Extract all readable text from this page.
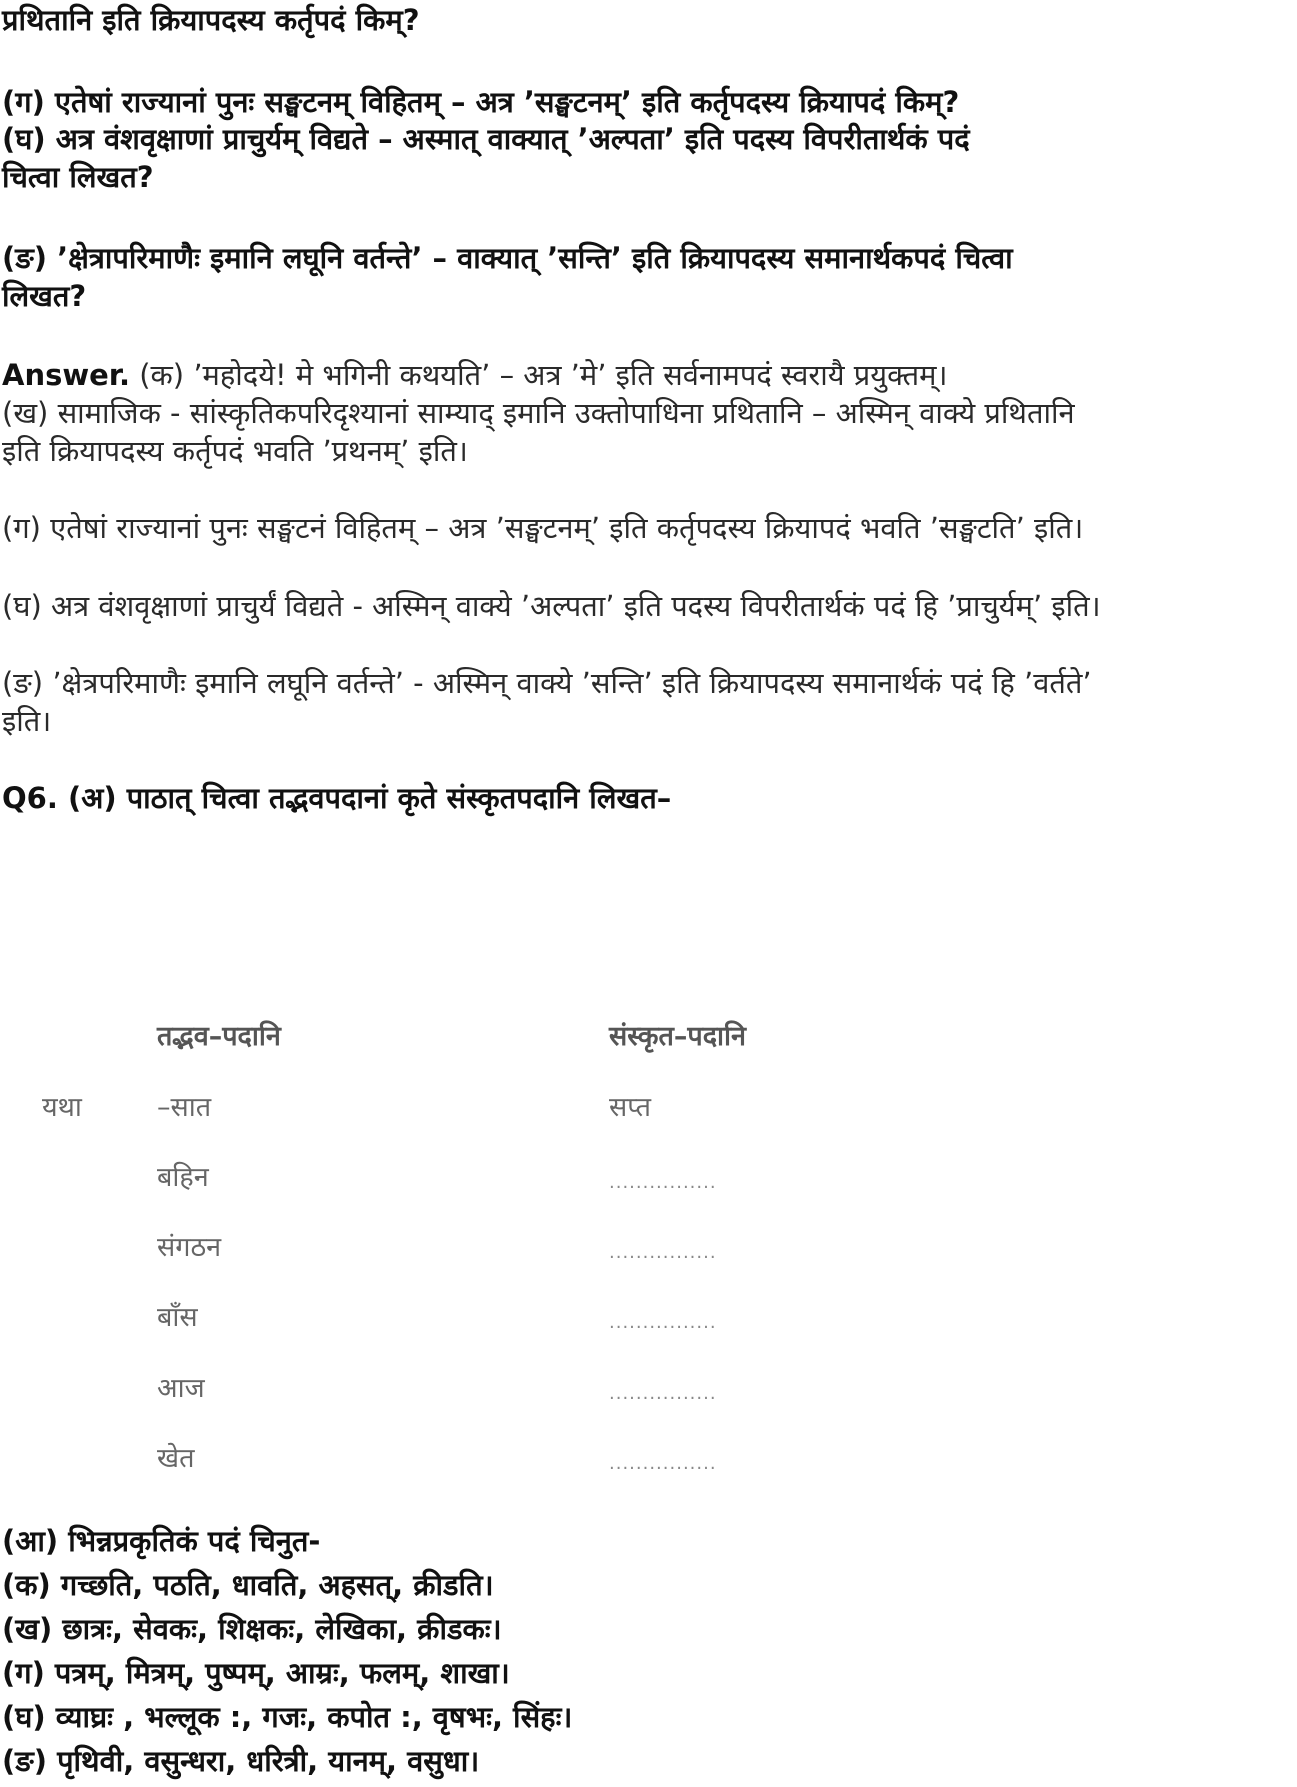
प्रथितानि इति क्रियापदस्य कर्तृपदं किम्?
(ग) एतेषां राज्यानां पुनः सङ्घटनम् विहितम् – अत्र ’सङ्घटनम्’ इति कर्तृपदस्य क्रियापदं किम्?
(घ) अत्र वंशवृक्षाणां प्राचुर्यम् विद्यते – अस्मात् वाक्यात् ’अल्पता’ इति पदस्य विपरीतार्थकं पदं
चित्वा लिखत?
(ङ) ’क्षेत्रापरिमाणैः इमानि लघूनि वर्तन्ते’ – वाक्यात् ’सन्ति’ इति क्रियापदस्य समानार्थकपदं चित्वा
लिखत?
Answer. (क) ’महोदये! मे भगिनी कथयति’ – अत्र ’मे’ इति सर्वनामपदं स्वरायै प्रयुक्तम्।
(ख) सामाजिक - सांस्कृतिकपरिदृश्यानां साम्याद् इमानि उक्तोपाधिना प्रथितानि – अस्मिन् वाक्ये प्रथितानि
इति क्रियापदस्य कर्तृपदं भवति ’प्रथनम्’ इति।
(ग) एतेषां राज्यानां पुनः सङ्घटनं विहितम् – अत्र ’सङ्घटनम्’ इति कर्तृपदस्य क्रियापदं भवति ’सङ्घटति’ इति।
(घ) अत्र वंशवृक्षाणां प्राचुर्यं विद्यते - अस्मिन् वाक्ये ’अल्पता’ इति पदस्य विपरीतार्थकं पदं हि ’प्राचुर्यम्’ इति।
(ङ) ’क्षेत्रपरिमाणैः इमानि लघूनि वर्तन्ते’ - अस्मिन् वाक्ये ’सन्ति’ इति क्रियापदस्य समानार्थकं पदं हि ’वर्तते’
इति।
Q6. (अ) पाठात् चित्वा तद्भवपदानां कृते संस्कृतपदानि लिखत–
तद्भव–पदानि	संस्कृत–पदानि
यथा	–सात	सप्त
बहिन	................
संगठन	................
बाँस	................
आज	................
खेत	................
(आ) भिन्नप्रकृतिकं पदं चिनुत-
(क) गच्छति, पठति, धावति, अहसत्, क्रीडति।
(ख) छात्रः, सेवकः, शिक्षकः, लेखिका, क्रीडकः।
(ग) पत्रम्, मित्रम्, पुष्पम्, आम्रः, फलम्, शाखा।
(घ) व्याघ्रः , भल्लूक :, गजः, कपोत :, वृषभः, सिंहः।
(ङ) पृथिवी, वसुन्धरा, धरित्री, यानम्, वसुधा।
